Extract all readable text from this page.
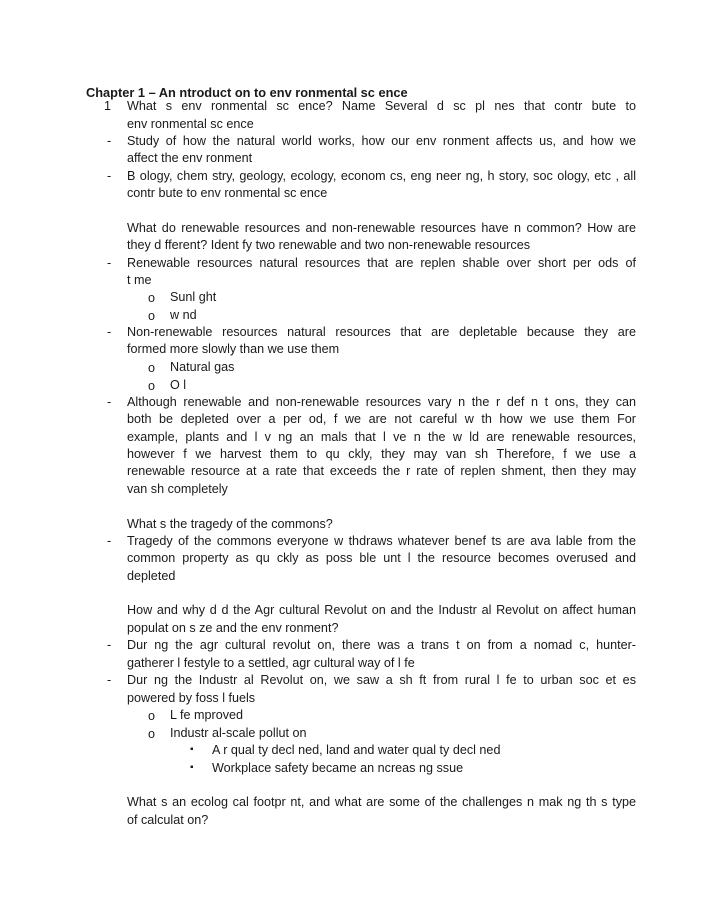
Chapter 1 – An ntroduct on to env ronmental sc ence
1 What s env ronmental sc ence? Name Several d sc pl nes that contr bute to
env ronmental sc ence
- Study of how the natural world works, how our env ronment affects us, and how we
affect the env ronment
- B ology, chem stry, geology, ecology, econom cs, eng neer ng, h story, soc ology, etc , all
contr bute to env ronmental sc ence
What do renewable resources and non-renewable resources have n common? How are
they d fferent? Ident fy two renewable and two non-renewable resources
- Renewable resources natural resources that are replen shable over short per ods of
t me
o Sunl ght
o w nd
- Non-renewable resources natural resources that are depletable because they are
formed more slowly than we use them
o Natural gas
o O l
- Although renewable and non-renewable resources vary n the r def n t ons, they can
both be depleted over a per od, f we are not careful w th how we use them For
example, plants and l v ng an mals that l ve n the w ld are renewable resources,
however f we harvest them to qu ckly, they may van sh Therefore, f we use a
renewable resource at a rate that exceeds the r rate of replen shment, then they may
van sh completely
What s the tragedy of the commons?
- Tragedy of the commons everyone w thdraws whatever benef ts are ava lable from the
common property as qu ckly as poss ble unt l the resource becomes overused and
depleted
How and why d d the Agr cultural Revolut on and the Industr al Revolut on affect human
populat on s ze and the env ronment?
- Dur ng the agr cultural revolut on, there was a trans t on from a nomad c, hunter-
gatherer l festyle to a settled, agr cultural way of l fe
- Dur ng the Industr al Revolut on, we saw a sh ft from rural l fe to urban soc et es
powered by foss l fuels
o L fe mproved
o Industr al-scale pollut on
▪ A r qual ty decl ned, land and water qual ty decl ned
▪ Workplace safety became an ncreas ng ssue
What s an ecolog cal footpr nt, and what are some of the challenges n mak ng th s type
of calculat on?
